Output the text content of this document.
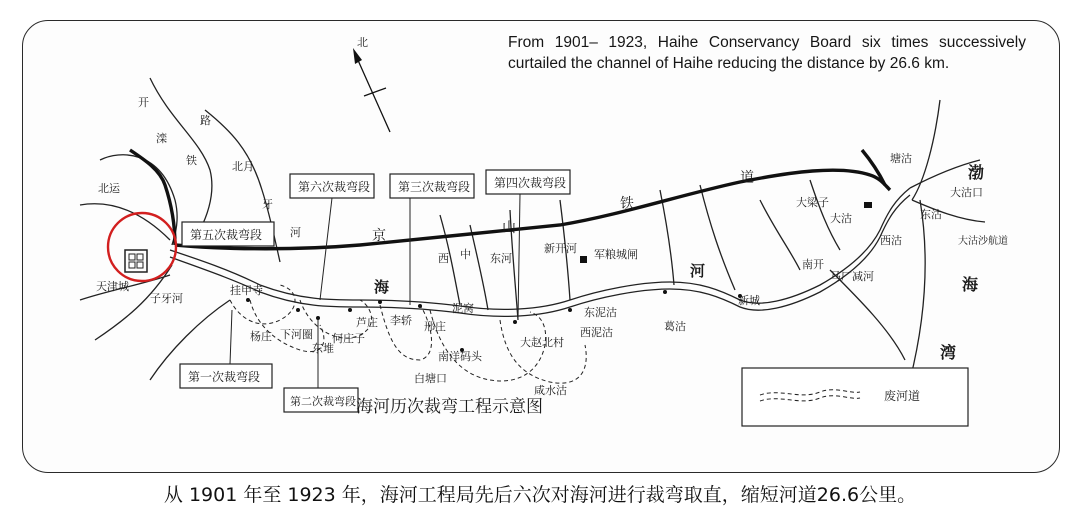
From 1901– 1923, Haihe Conservancy Board six times successively curtailed the channel of Haihe reducing the distance by 26.6 km.
北
第一次裁弯段
第二次裁弯段
第三次裁弯段 第四次裁弯段
第五次裁弯段
第六次裁弯段
废河道
海河历次裁弯工程示意图
京	山
铁
道
开
滦
铁
路
天津城	挂甲寺
杨庄 下河圈
东堆
何庄子
芦庄 李轿 邢庄
泥窝
南洋码头
白塘口
大赵北村
咸水沽
东泥沽
西泥沽
军粮城闸
葛沽
新城
南开
大梁子
大沽
西沽
塘沽
大沽口
大沽沙航道
东沽
渤
海
湾
海
河
北运
子牙河
北月
牙
河
西 中 东河
马厂减河
新开河
从 1901 年至 1923 年，海河工程局先后六次对海河进行裁弯取直，缩短河道26.6公里。
